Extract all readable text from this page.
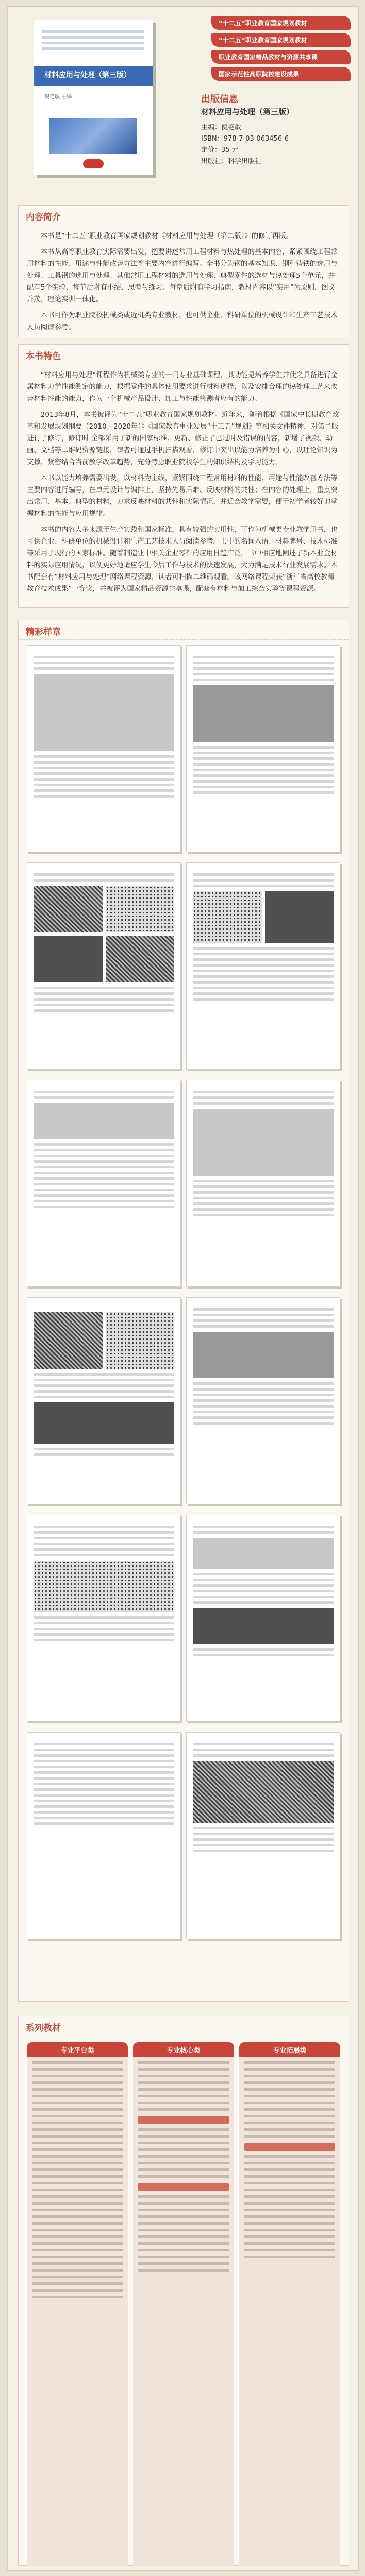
材料应用与处理（第三版）
倪艳敏 主编
“十二五”职业教育国家规划教材
“十二五”职业教育国家规划教材
职业教育国家精品教材与资源共享课
国家示范性高职院校建设成果
出版信息
材料应用与处理（第三版）
主编：倪艳敏
ISBN：978-7-03-063456-6
定价：35 元
出版社：科学出版社
内容简介

本书是“十二五”职业教育国家规划教材《材料应用与处理（第二版）》的修订再版。

本书从高等职业教育实际需要出发，把要讲述常用工程材料与热处理的基本内容，紧紧围绕工程常用材料的性能、用途与性能改善方法等主要内容进行编写。全书分为钢的基本知识、钢和铸铁的选用与处理、工具钢的选用与处理、其他常用工程材料的选用与处理、典型零件的选材与热处理5个单元，并配有5个实验、每节后附有小结、思考与练习。每章后附有学习指南，教材内容以“实用”为原则，图文并茂，理论实训一体化。

本书可作为职业院校机械类或近机类专业教材，也可供企业、科研单位的机械设计和生产工艺技术人员阅读参考。

本书特色

“材料应用与处理”课程作为机械类专业的一门专业基础课程，其功能是培养学生并使之具备进行金属材料力学性能测定的能力，根据零件的具体使用要求进行材料选择，以及安排合理的热处理工艺来改善材料性能的能力，作为一个机械产品设计、加工与性能检测者应有的能力。

2013年8月，本书被评为“十二五”职业教育国家规划教材。近年来，随着根据《国家中长期教育改革和发展规划纲要（2010－2020年）》《国家教育事业发展“十三五”规划》等相关文件精神，对第二版进行了修订，修订时 全部采用了新的国家标准、更新、修正了已过时及错误的内容，新增了视频、动画、文档等二维码资源链接，读者可通过手机扫描观看，修订中突出以能力培养为中心，以理论知识为支撑，紧密结合当前教学改革趋势，充分考虑职业院校学生的知识结构及学习能力。

本书以能力培养需要出发，以材料为主线，紧紧围绕工程常用材料的性能、用途与性能改善方法等主要内容进行编写，在单元设计与编排上，坚持先易后难、反映材料的共性；在内容的处理上，重点突出常用、基本、典型的材料，力求反映材料的共性和实际情况，并适合教学需要，便于初学者较好地掌握材料的性能与应用规律。

本书的内容大多来源于生产实践和国家标准，具有较强的实用性，可作为机械类专业教学用书，也可供企业、科研单位的机械设计和生产工艺技术人员阅读参考。书中的名词术语、材料牌号、技术标准等采用了现行的国家标准。随着制造业中相关企业零件的应用日趋广泛，书中相应地阐述了新本业金材料的实际应用情况，以便更好地适应学生今后工作与技术的快速发展，大力满足技术行业发展需求。本书配套有“材料应用与处理”网络课程资源，读者可扫描二维码观看。该网络课程荣获“浙江省高校教师教育技术成果”一等奖，并被评为国家精品资源共享课，配套有材料与加工综合实验等课程资源。

精彩样章
系列教材
专业平台类	专业核心类	专业拓展类
